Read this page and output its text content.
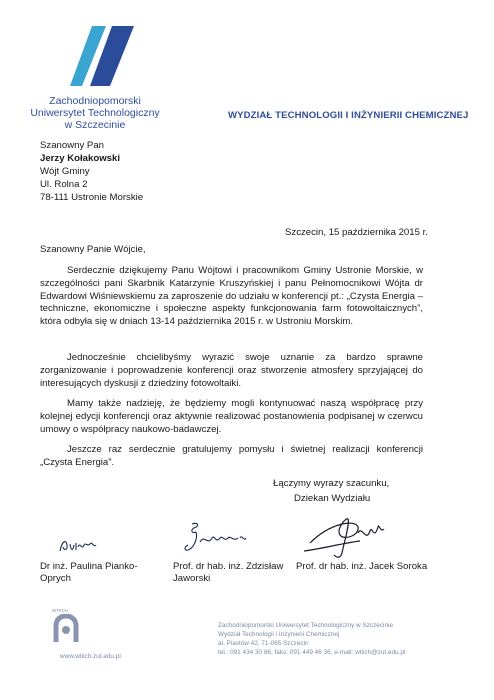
Zachodniopomorski
Uniwersytet Technologiczny
w Szczecinie
WYDZIAŁ TECHNOLOGII I INŻYNIERII CHEMICZNEJ
Szanowny Pan
Jerzy Kołakowski
Wójt Gminy
Ul. Rolna 2
78-111 Ustronie Morskie
Szczecin, 15 października 2015 r.
Szanowny Panie Wójcie,
Serdecznie dziękujemy Panu Wójtowi i pracownikom Gminy Ustronie Morskie, w szczególności pani Skarbnik Katarzynie Kruszyńskiej i panu Pełnomocnikowi Wójta dr Edwardowi Wiśniewskiemu za zaproszenie do udziału w konferencji pt.: „Czysta Energia – techniczne, ekonomiczne i społeczne aspekty funkcjonowania farm fotowoltaicznych”, która odbyła się w dniach 13-14 października 2015 r. w Ustroniu Morskim.
Jednocześnie chcielibyśmy wyrazić swoje uznanie za bardzo sprawne zorganizowanie i poprowadzenie konferencji oraz stworzenie atmosfery sprzyjającej do interesujących dyskusji z dziedziny fotowoltaiki.
Mamy także nadzieję, że będziemy mogli kontynuować naszą współpracę przy kolejnej edycji konferencji oraz aktywnie realizować postanowienia podpisanej w czerwcu umowy o współpracy naukowo-badawczej.
Jeszcze raz serdecznie gratulujemy pomysłu i świetnej realizacji konferencji „Czysta Energia”.
Łączymy wyrazy szacunku,
Dziekan Wydziału
Dr inż. Paulina Pianko-
Oprych
Prof. dr hab. inż. Zdzisław
Jaworski
Prof. dr hab. inż. Jacek Soroka
WTIICH
www.wtiich.zut.edu.pl
Zachodniopomorski Uniwersytet Technologiczny w Szczecinie
Wydział Technologii i Inżynierii Chemicznej
al. Piastów 42, 71-065 Szczecin
tel.: 091 434 30 86, faks: 091 449 46 36, e-mail: wtiich@zut.edu.pl
